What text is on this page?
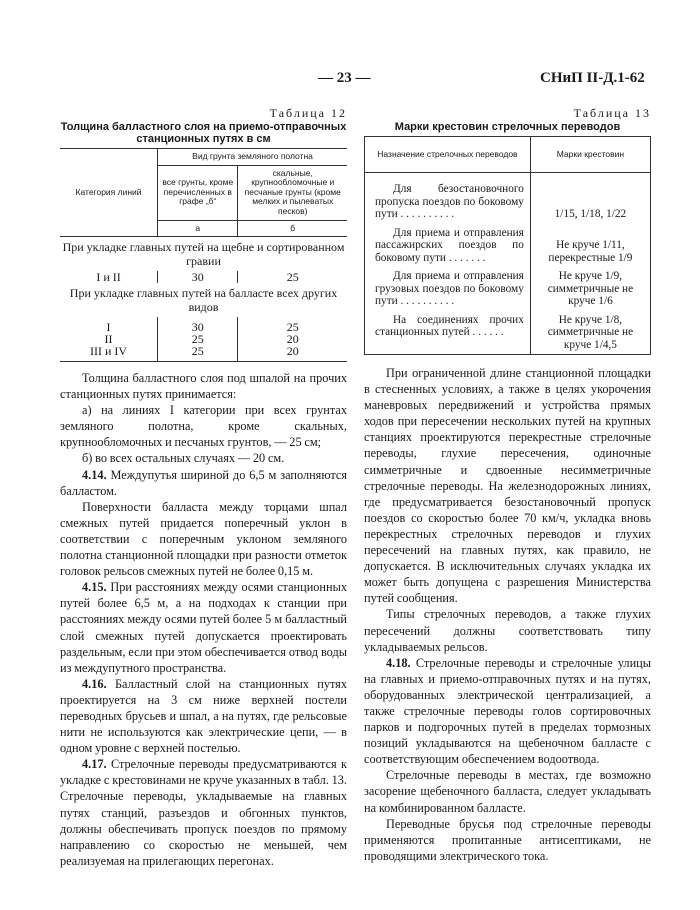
— 23 —	СНиП II-Д.1-62
Таблица 12
Толщина балластного слоя на приемо-отправочных станционных путях в см
Категория линий	Вид грунта земляного полотна	
	все грунты, кроме перечисленных в графе „б“	скальные, крупнообломочные и песчаные грунты (кроме мелких и пылеватых песков)
	а	б
При укладке главных путей на щебне и сортированном гравии		
I и II	30	25
При укладке главных путей на балласте всех других видов		
I	30	25
II	25	20
III и IV	25	20

Толщина балластного слоя под шпалой на прочих станционных путях принимается:

а) на линиях I категории при всех грунтах земляного полотна, кроме скальных, крупнообломочных и песчаных грунтов, — 25 см;

б) во всех остальных случаях — 20 см.

4.14. Междупутья шириной до 6,5 м заполняются балластом.

Поверхности балласта между торцами шпал смежных путей придается поперечный уклон в соответствии с поперечным уклоном земляного полотна станционной площадки при разности отметок головок рельсов смежных путей не более 0,15 м.

4.15. При расстояниях между осями станционных путей более 6,5 м, а на подходах к станции при расстояниях между осями путей более 5 м балластный слой смежных путей допускается проектировать раздельным, если при этом обеспечивается отвод воды из междупутного пространства.

4.16. Балластный слой на станционных путях проектируется на 3 см ниже верхней постели переводных брусьев и шпал, а на путях, где рельсовые нити не используются как электрические цепи, — в одном уровне с верхней постелью.

4.17. Стрелочные переводы предусматриваются к укладке с крестовинами не круче указанных в табл. 13. Стрелочные переводы, укладываемые на главных путях станций, разъездов и обгонных пунктов, должны обеспечивать пропуск поездов по прямому направлению со скоростью не меньшей, чем реализуемая на прилегающих перегонах.

Таблица 13
Марки крестовин стрелочных переводов
Назначение стрелочных переводов	Марки крестовин
Для безостановочного пропуска поездов по боковому пути . . . . . . . . . .	1/15, 1/18, 1/22
Для приема и отправления пассажирских поездов по боковому пути . . . . . . .	Не круче 1/11, перекрестные 1/9
Для приема и отправления грузовых поездов по боковому пути . . . . . . . . . .	Не круче 1/9, симметричные не круче 1/6
На соединениях прочих станционных путей . . . . . .	Не круче 1/8, симметричные не круче 1/4,5

При ограниченной длине станционной площадки в стесненных условиях, а также в целях укорочения маневровых передвижений и устройства прямых ходов при пересечении нескольких путей на крупных станциях проектируются перекрестные стрелочные переводы, глухие пересечения, одиночные симметричные и сдвоенные несимметричные стрелочные переводы. На железнодорожных линиях, где предусматривается безостановочный пропуск поездов со скоростью более 70 км/ч, укладка вновь перекрестных стрелочных переводов и глухих пересечений на главных путях, как правило, не допускается. В исключительных случаях укладка их может быть допущена с разрешения Министерства путей сообщения.

Типы стрелочных переводов, а также глухих пересечений должны соответствовать типу укладываемых рельсов.

4.18. Стрелочные переводы и стрелочные улицы на главных и приемо-отправочных путях и на путях, оборудованных электрической централизацией, а также стрелочные переводы голов сортировочных парков и подгорочных путей в пределах тормозных позиций укладываются на щебеночном балласте с соответствующим обеспечением водоотвода.

Стрелочные переводы в местах, где возможно засорение щебеночного балласта, следует укладывать на комбинированном балласте.

Переводные брусья под стрелочные переводы применяются пропитанные антисептиками, не проводящими электрического тока.
